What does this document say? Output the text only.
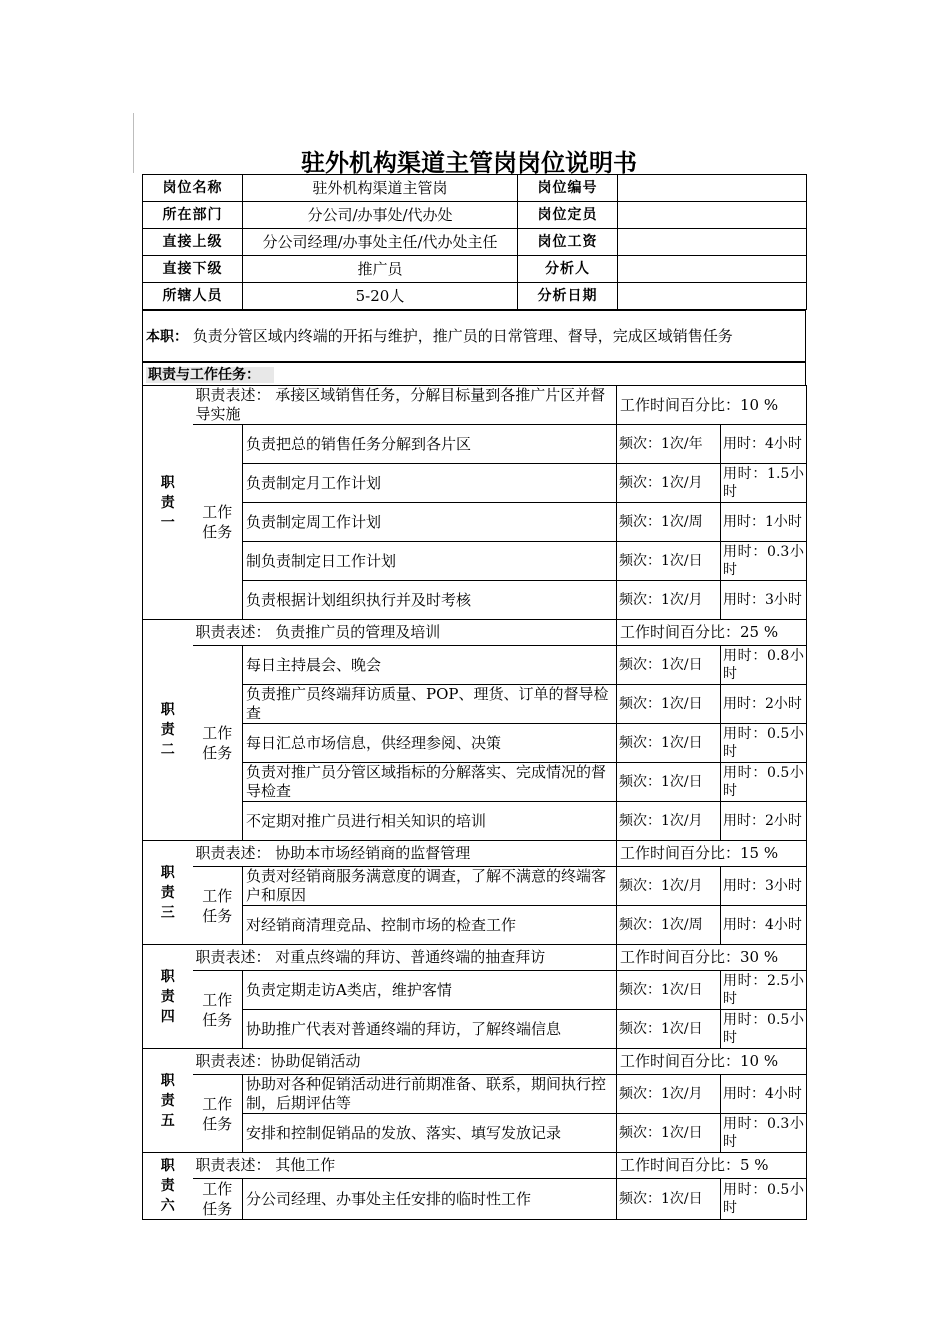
驻外机构渠道主管岗岗位说明书
岗位名称	驻外机构渠道主管岗	岗位编号	
所在部门	分公司/办事处/代办处	岗位定员	
直接上级	分公司经理/办事处主任/代办处主任	岗位工资	
直接下级	推广员	分析人	
所辖人员	5-20人	分析日期	
本职： 负责分管区域内终端的开拓与维护，推广员的日常管理、督导，完成区域销售任务
职责与工作任务：
职责一	职责表述： 承接区域销售任务，分解目标量到各推广片区并督导实施		工作时间百分比：10 %	

	工作任务	负责把总的销售任务分解到各片区	频次：1次/年	用时：4小时
		负责制定月工作计划	频次：1次/月	用时：1.5小时
		负责制定周工作计划	频次：1次/周	用时：1小时
		制负责制定日工作计划	频次：1次/日	用时：0.3小时
		负责根据计划组织执行并及时考核	频次：1次/月	用时：3小时

职责二	职责表述： 负责推广员的管理及培训		工作时间百分比：25 %	

	工作任务	每日主持晨会、晚会	频次：1次/日	用时：0.8小时
		负责推广员终端拜访质量、POP、理货、订单的督导检查	频次：1次/日	用时：2小时
		每日汇总市场信息，供经理参阅、决策	频次：1次/日	用时：0.5小时
		负责对推广员分管区域指标的分解落实、完成情况的督导检查	频次：1次/日	用时：0.5小时
		不定期对推广员进行相关知识的培训	频次：1次/月	用时：2小时

职责三	职责表述： 协助本市场经销商的监督管理		工作时间百分比：15 %	

	工作任务	负责对经销商服务满意度的调查，了解不满意的终端客户和原因	频次：1次/月	用时：3小时
		对经销商清理竞品、控制市场的检查工作	频次：1次/周	用时：4小时

职责四	职责表述： 对重点终端的拜访、普通终端的抽查拜访		工作时间百分比：30 %	

	工作任务	负责定期走访A类店，维护客情	频次：1次/日	用时：2.5小时
		协助推广代表对普通终端的拜访，了解终端信息	频次：1次/日	用时：0.5小时

职责五	职责表述：协助促销活动		工作时间百分比：10 %	

	工作任务	协助对各种促销活动进行前期准备、联系，期间执行控制，后期评估等	频次：1次/月	用时：4小时
		安排和控制促销品的发放、落实、填写发放记录	频次：1次/日	用时：0.3小时

职责六	职责表述： 其他工作		工作时间百分比：5 %	

	工作任务	分公司经理、办事处主任安排的临时性工作	频次：1次/日	用时：0.5小时
